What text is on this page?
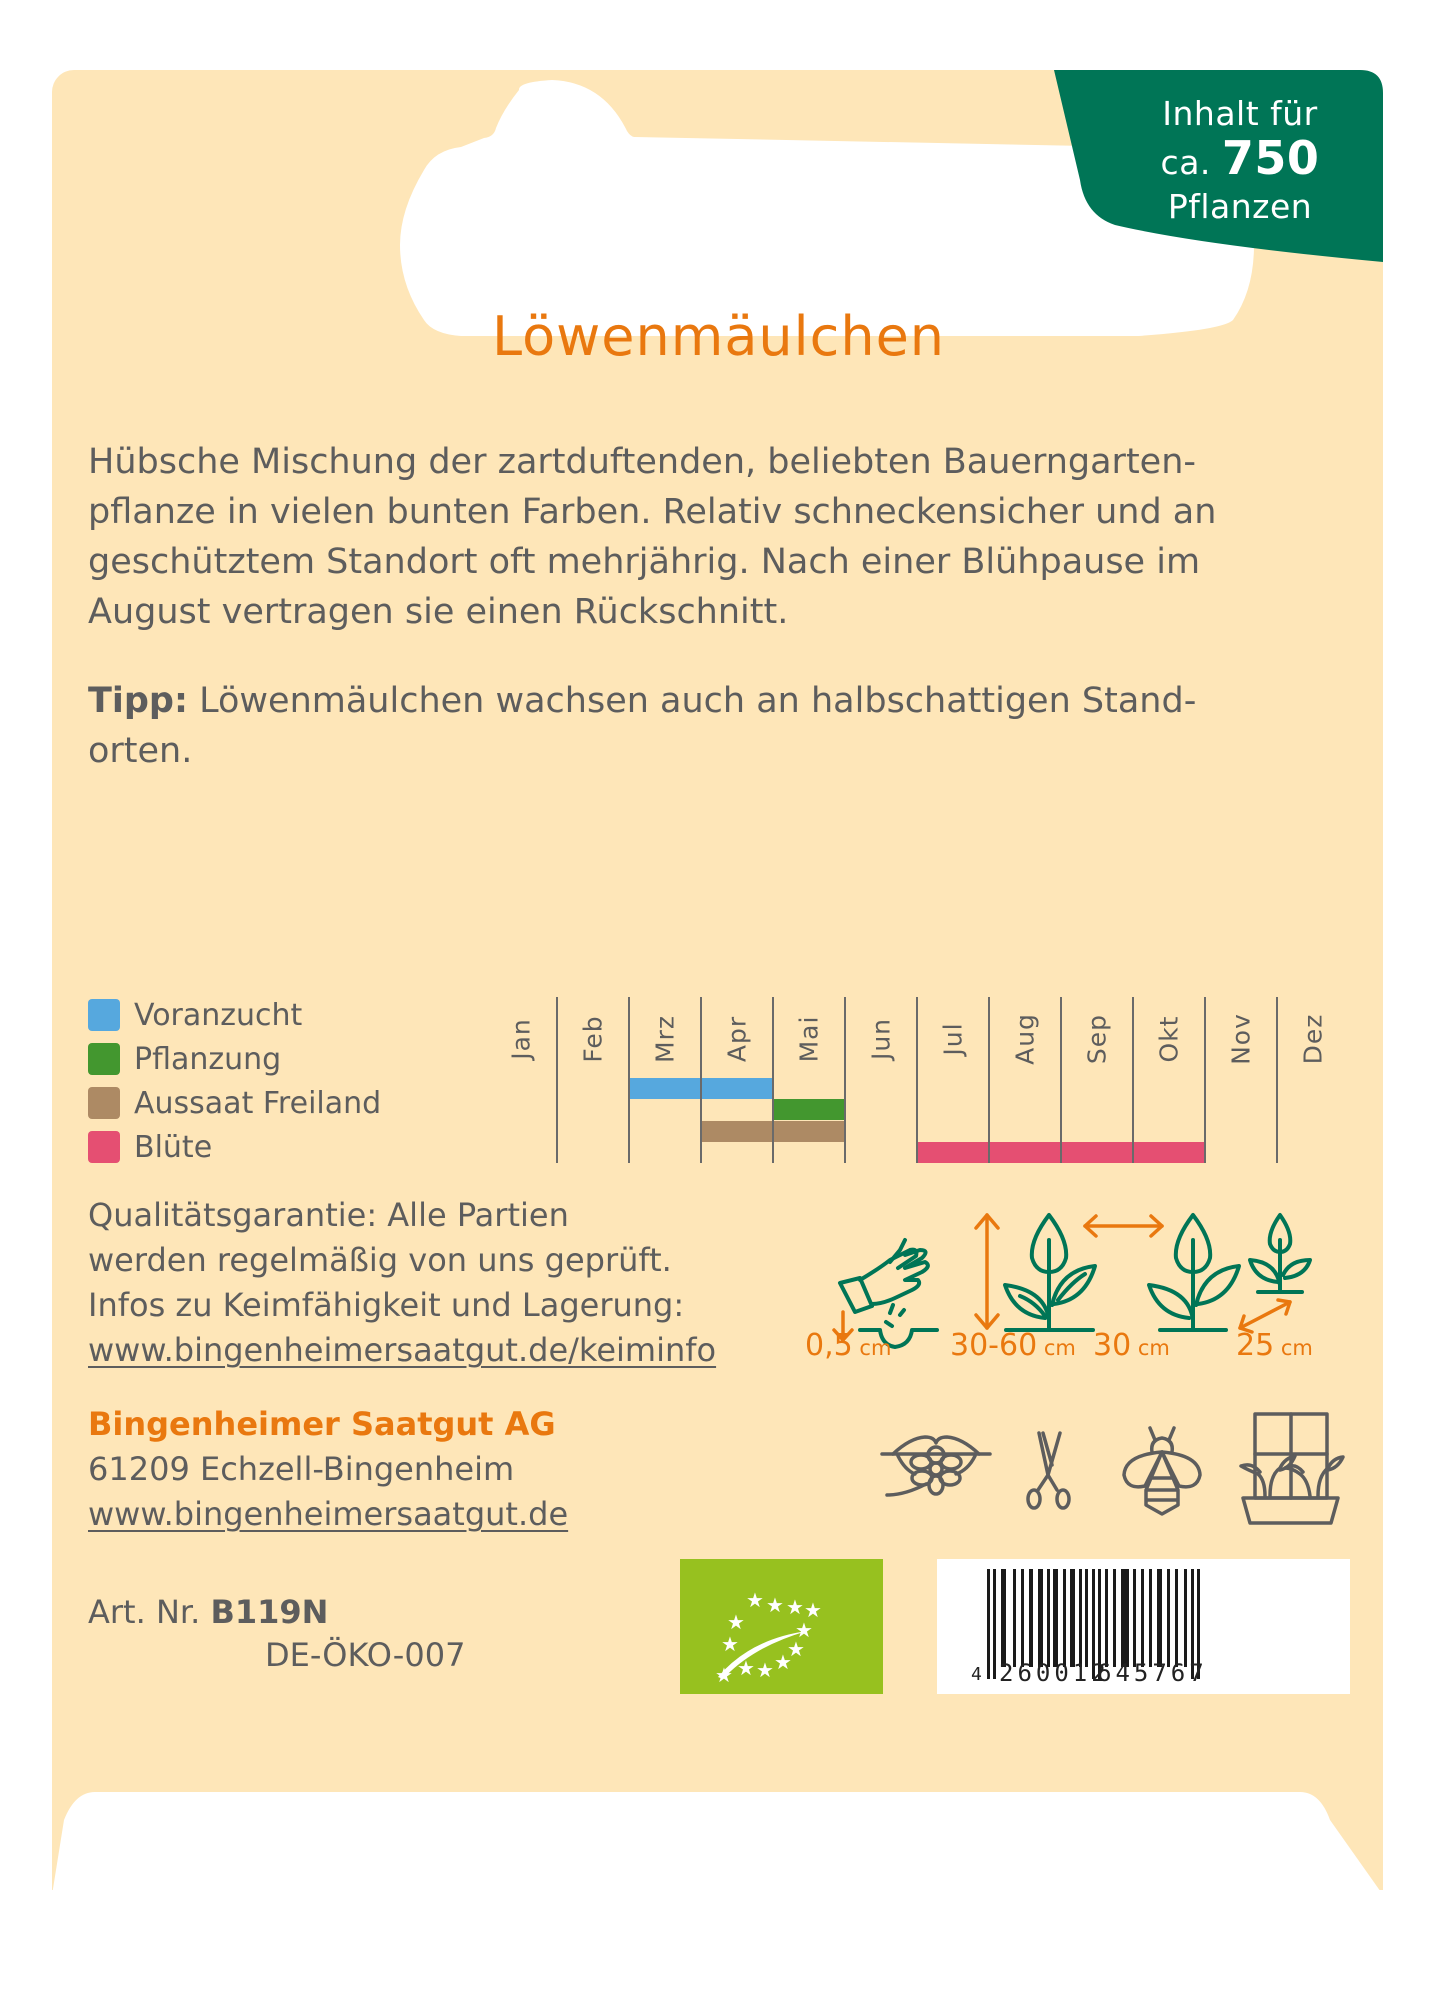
Inhalt für
ca. 750
Pflanzen
Löwenmäulchen
Hübsche Mischung der zartduftenden, beliebten Bauerngarten-
pflanze in vielen bunten Farben. Relativ schneckensicher und an
geschütztem Standort oft mehrjährig. Nach einer Blühpause im
August vertragen sie einen Rückschnitt.
Tipp: Löwenmäulchen wachsen auch an halbschattigen Stand-
orten.
Voranzucht
Pflanzung
Aussaat Freiland
Blüte
Jan Feb Mrz Apr Mai Jun Jul Aug Sep Okt Nov Dez
Qualitätsgarantie: Alle Partien
werden regelmäßig von uns geprüft.
Infos zu Keimfähigkeit und Lagerung:
www.bingenheimersaatgut.de/keiminfo	0,5 cm 30-60 cm 30 cm 25 cm
Bingenheimer Saatgut AG
61209 Echzell-Bingenheim
www.bingenheimersaatgut.de
Art. Nr. B119N
DE-ÖKO-007
★ ★ ★ ★
★
★
★
★
★
★
★
★
4 260012
645767
